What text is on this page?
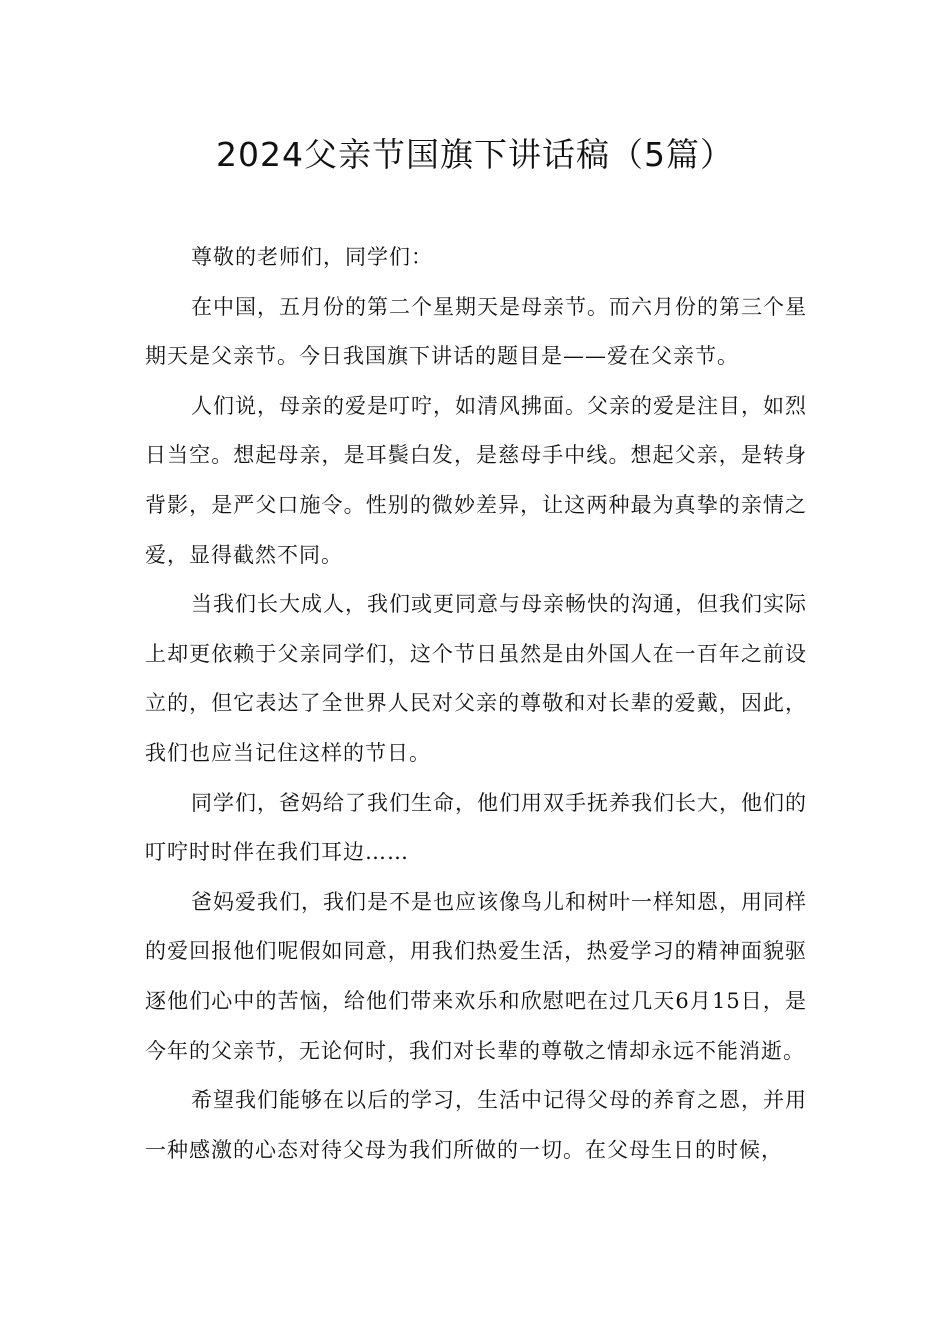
2024父亲节国旗下讲话稿（5篇）

尊敬的老师们，同学们：

在中国，五月份的第二个星期天是母亲节。而六月份的第三个星期天是父亲节。今日我国旗下讲话的题目是——爱在父亲节。

人们说，母亲的爱是叮咛，如清风拂面。父亲的爱是注目，如烈日当空。想起母亲，是耳鬓白发，是慈母手中线。想起父亲，是转身背影，是严父口施令。性别的微妙差异，让这两种最为真挚的亲情之爱，显得截然不同。

当我们长大成人，我们或更同意与母亲畅快的沟通，但我们实际上却更依赖于父亲同学们，这个节日虽然是由外国人在一百年之前设立的，但它表达了全世界人民对父亲的尊敬和对长辈的爱戴，因此，我们也应当记住这样的节日。

同学们，爸妈给了我们生命，他们用双手抚养我们长大，他们的叮咛时时伴在我们耳边……

爸妈爱我们，我们是不是也应该像鸟儿和树叶一样知恩，用同样的爱回报他们呢假如同意，用我们热爱生活，热爱学习的精神面貌驱逐他们心中的苦恼，给他们带来欢乐和欣慰吧在过几天6月15日，是今年的父亲节，无论何时，我们对长辈的尊敬之情却永远不能消逝。

希望我们能够在以后的学习，生活中记得父母的养育之恩，并用一种感激的心态对待父母为我们所做的一切。在父母生日的时候，
